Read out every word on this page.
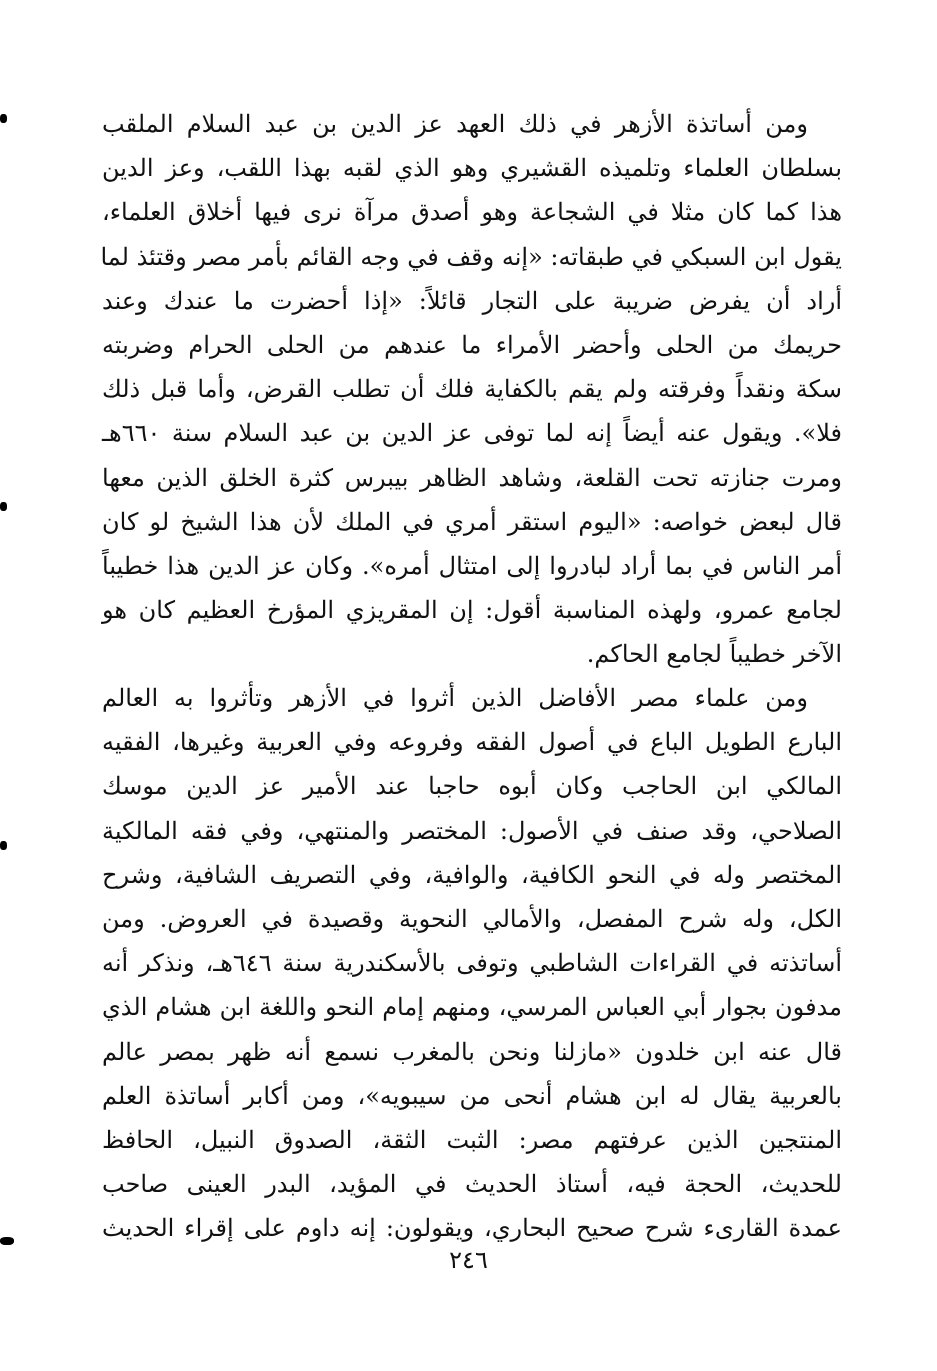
ومن أساتذة الأزهر في ذلك العهد عز الدين بن عبد السلام الملقب
بسلطان العلماء وتلميذه القشيري وهو الذي لقبه بهذا اللقب، وعز الدين
هذا كما كان مثلا في الشجاعة وهو أصدق مرآة نرى فيها أخلاق العلماء،
يقول ابن السبكي في طبقاته: «إنه وقف في وجه القائم بأمر مصر وقتئذ لما
أراد أن يفرض ضريبة على التجار قائلاً: «إذا أحضرت ما عندك وعند
حريمك من الحلى وأحضر الأمراء ما عندهم من الحلى الحرام وضربته
سكة ونقداً وفرقته ولم يقم بالكفاية فلك أن تطلب القرض، وأما قبل ذلك
فلا». ويقول عنه أيضاً إنه لما توفى عز الدين بن عبد السلام سنة ٦٦٠هـ
ومرت جنازته تحت القلعة، وشاهد الظاهر بيبرس كثرة الخلق الذين معها
قال لبعض خواصه: «اليوم استقر أمري في الملك لأن هذا الشيخ لو كان
أمر الناس في بما أراد لبادروا إلى امتثال أمره». وكان عز الدين هذا خطيباً
لجامع عمرو، ولهذه المناسبة أقول: إن المقريزي المؤرخ العظيم كان هو
الآخر خطيباً لجامع الحاكم.
ومن علماء مصر الأفاضل الذين أثروا في الأزهر وتأثروا به العالم
البارع الطويل الباع في أصول الفقه وفروعه وفي العربية وغيرها، الفقيه
المالكي ابن الحاجب وكان أبوه حاجبا عند الأمير عز الدين موسك
الصلاحي، وقد صنف في الأصول: المختصر والمنتهي، وفي فقه المالكية
المختصر وله في النحو الكافية، والوافية، وفي التصريف الشافية، وشرح
الكل، وله شرح المفصل، والأمالي النحوية وقصيدة في العروض. ومن
أساتذته في القراءات الشاطبي وتوفى بالأسكندرية سنة ٦٤٦هـ، ونذكر أنه
مدفون بجوار أبي العباس المرسي، ومنهم إمام النحو واللغة ابن هشام الذي
قال عنه ابن خلدون «مازلنا ونحن بالمغرب نسمع أنه ظهر بمصر عالم
بالعربية يقال له ابن هشام أنحى من سيبويه»، ومن أكابر أساتذة العلم
المنتجين الذين عرفتهم مصر: الثبت الثقة، الصدوق النبيل، الحافظ
للحديث، الحجة فيه، أستاذ الحديث في المؤيد، البدر العينى صاحب
عمدة القارىء شرح صحيح البحاري، ويقولون: إنه داوم على إقراء الحديث
٢٤٦
